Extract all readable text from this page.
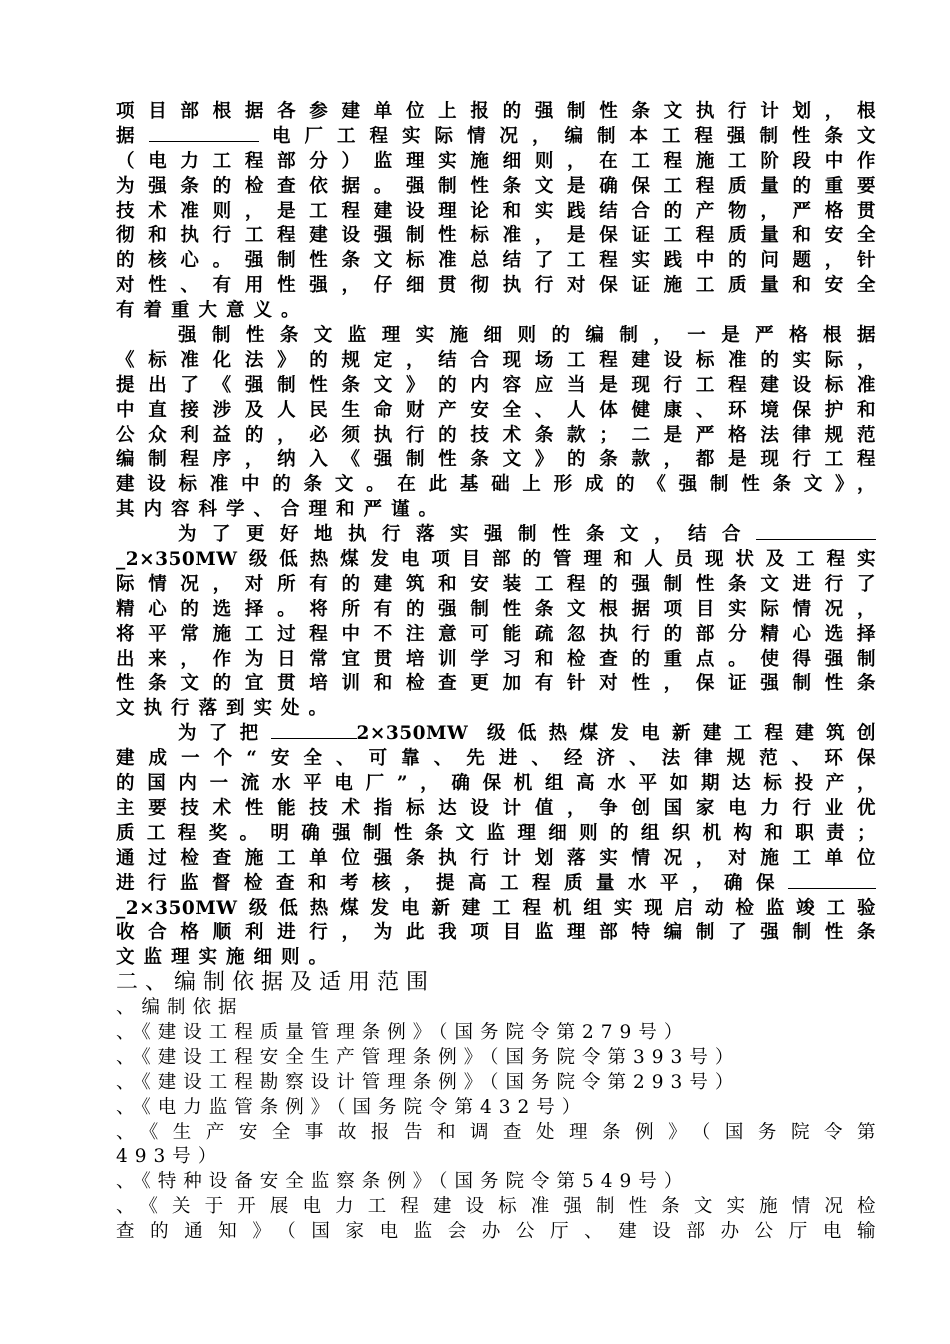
项目部根据各参建单位上报的强制性条文执行计划，根
据	电厂工程实际情况，编制本工程强制性条文
（电力工程部分）监理实施细则，在工程施工阶段中作
为强条的检查依据。强制性条文是确保工程质量的重要
技术准则，是工程建设理论和实践结合的产物，严格贯
彻和执行工程建设强制性标准，是保证工程质量和安全
的核心。强制性条文标准总结了工程实践中的问题，针
对性、有用性强，仔细贯彻执行对保证施工质量和安全
有着重大意义。
强制性条文监理实施细则的编制，一是严格根据
《标准化法》的规定，结合现场工程建设标准的实际，
提出了《强制性条文》的内容应当是现行工程建设标准
中直接涉及人民生命财产安全、人体健康、环境保护和
公众利益的，必须执行的技术条款；二是严格法律规范
编制程序，纳入《强制性条文》的条款，都是现行工程
建设标准中的条文。在此基础上形成的《强制性条文》，
其内容科学、合理和严谨。
为了更好地执行落实强制性条文，结合
_2×350MW级低热煤发电项目部的管理和人员现状及工程实
际情况，对所有的建筑和安装工程的强制性条文进行了
精心的选择。将所有的强制性条文根据项目实际情况，
将平常施工过程中不注意可能疏忽执行的部分精心选择
出来，作为日常宜贯培训学习和检查的重点。使得强制
性条文的宜贯培训和检查更加有针对性，保证强制性条
文执行落到实处。
为了把	2×350MW 级低热煤发电新建工程建筑创
建成一个“安全、可靠、先进、经济、法律规范、环保
的国内一流水平电厂”，确保机组高水平如期达标投产，
主要技术性能技术指标达设计值，争创国家电力行业优
质工程奖。明确强制性条文监理细则的组织机构和职责；
通过检查施工单位强条执行计划落实情况，对施工单位
进行监督检查和考核，提高工程质量水平，确保
_2×350MW级低热煤发电新建工程机组实现启动检监竣工验
收合格顺利进行，为此我项目监理部特编制了强制性条
文监理实施细则。
二、编制依据及适用范围
、编制依据
、《建设工程质量管理条例》（国务院令第279号）
、《建设工程安全生产管理条例》（国务院令第393号）
、《建设工程勘察设计管理条例》（国务院令第293号）
、《电力监管条例》（国务院令第432号）
、《生产安全事故报告和调查处理条例》（国务院令第
493号）
、《特种设备安全监察条例》（国务院令第549号）
、《关于开展电力工程建设标准强制性条文实施情况检
查的通知》（国家电监会办公厅、建设部办公厅电输
